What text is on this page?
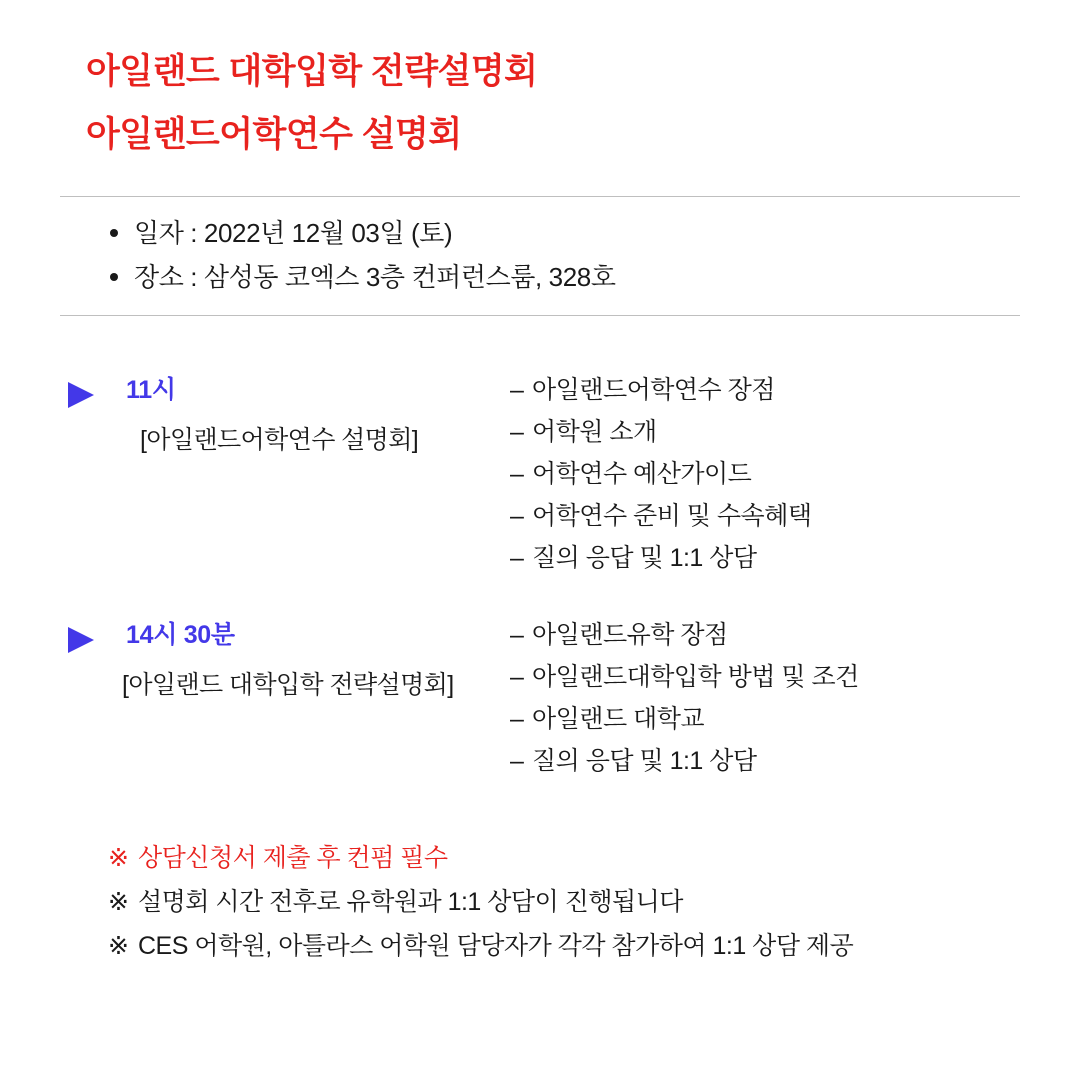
아일랜드 대학입학 전략설명회
아일랜드어학연수 설명회
일자 : 2022년 12월 03일 (토)
장소 : 삼성동 코엑스 3층 컨퍼런스룸, 328호
11시
[아일랜드어학연수 설명회]
– 아일랜드어학연수 장점
– 어학원 소개
– 어학연수 예산가이드
– 어학연수 준비 및 수속혜택
– 질의 응답 및 1:1 상담
14시 30분
[아일랜드 대학입학 전략설명회]
– 아일랜드유학 장점
– 아일랜드대학입학 방법 및 조건
– 아일랜드 대학교
– 질의 응답 및 1:1 상담
※ 상담신청서 제출 후 컨펌 필수
※ 설명회 시간 전후로 유학원과 1:1 상담이 진행됩니다
※ CES 어학원, 아틀라스 어학원 담당자가 각각 참가하여 1:1 상담 제공
